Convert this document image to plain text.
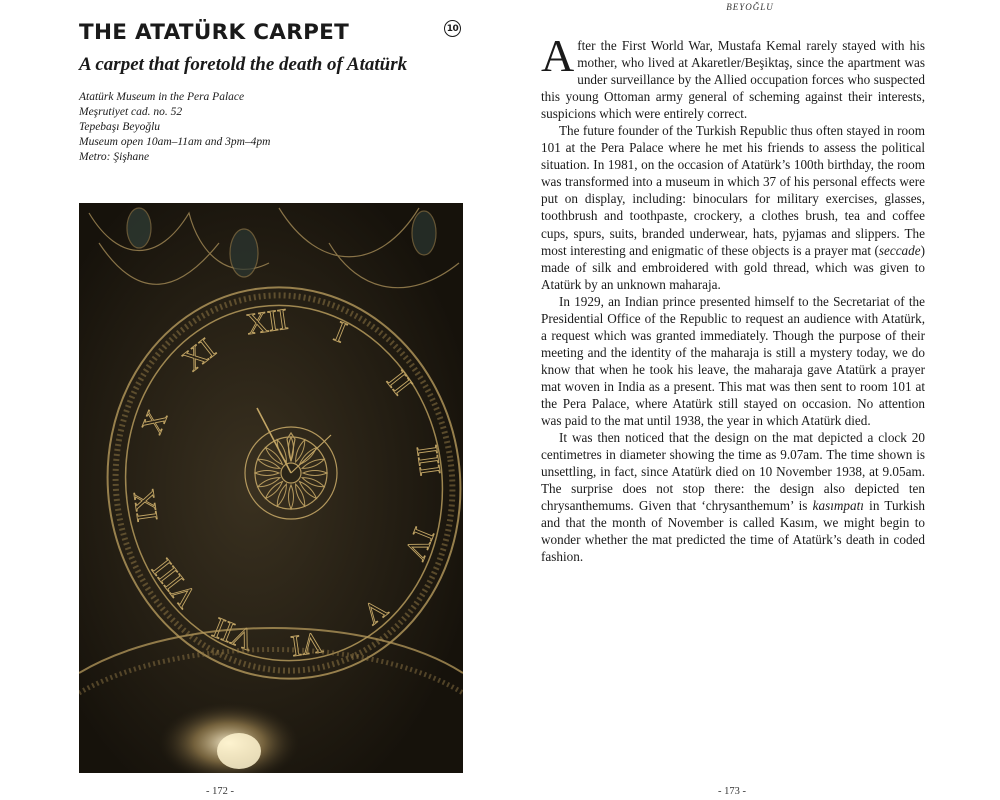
THE ATATÜRK CARPET	10
A carpet that foretold the death of Atatürk
Atatürk Museum in the Pera Palace
Meşrutiyet cad. no. 52
Tepebaşı Beyoğlu
Museum open 10am–11am and 3pm–4pm
Metro: Şişhane
XII I
II
III
IV
V
VI
VII
VIII
IX
X
XI
- 172 -
BEYOĞLU

After the First World War, Mustafa Kemal rarely stayed with his mother, who lived at Akaretler/Beşiktaş, since the apartment was under surveillance by the Allied occupation forces who suspected this young Ottoman army general of scheming against their interests, suspicions which were entirely correct.

The future founder of the Turkish Republic thus often stayed in room 101 at the Pera Palace where he met his friends to assess the political situation. In 1981, on the occasion of Atatürk’s 100th birthday, the room was transformed into a museum in which 37 of his personal effects were put on display, including: binoculars for military exercises, glasses, toothbrush and toothpaste, crockery, a clothes brush, tea and coffee cups, spurs, suits, branded underwear, hats, pyjamas and slippers. The most interesting and enigmatic of these objects is a prayer mat (seccade) made of silk and embroidered with gold thread, which was given to Atatürk by an unknown maharaja.

In 1929, an Indian prince presented himself to the Secretariat of the Presidential Office of the Republic to request an audience with Atatürk, a request which was granted immediately. Though the purpose of their meeting and the identity of the maharaja is still a mystery today, we do know that when he took his leave, the maharaja gave Atatürk a prayer mat woven in India as a present. This mat was then sent to room 101 at the Pera Palace, where Atatürk still stayed on occasion. No attention was paid to the mat until 1938, the year in which Atatürk died.

It was then noticed that the design on the mat depicted a clock 20 centimetres in diameter showing the time as 9.07am. The time shown is unsettling, in fact, since Atatürk died on 10 November 1938, at 9.05am. The surprise does not stop there: the design also depicted ten chrysanthemums. Given that ‘chrysanthemum’ is kasımpatı in Turkish and that the month of November is called Kasım, we might begin to wonder whether the mat predicted the time of Atatürk’s death in coded fashion.

- 173 -
